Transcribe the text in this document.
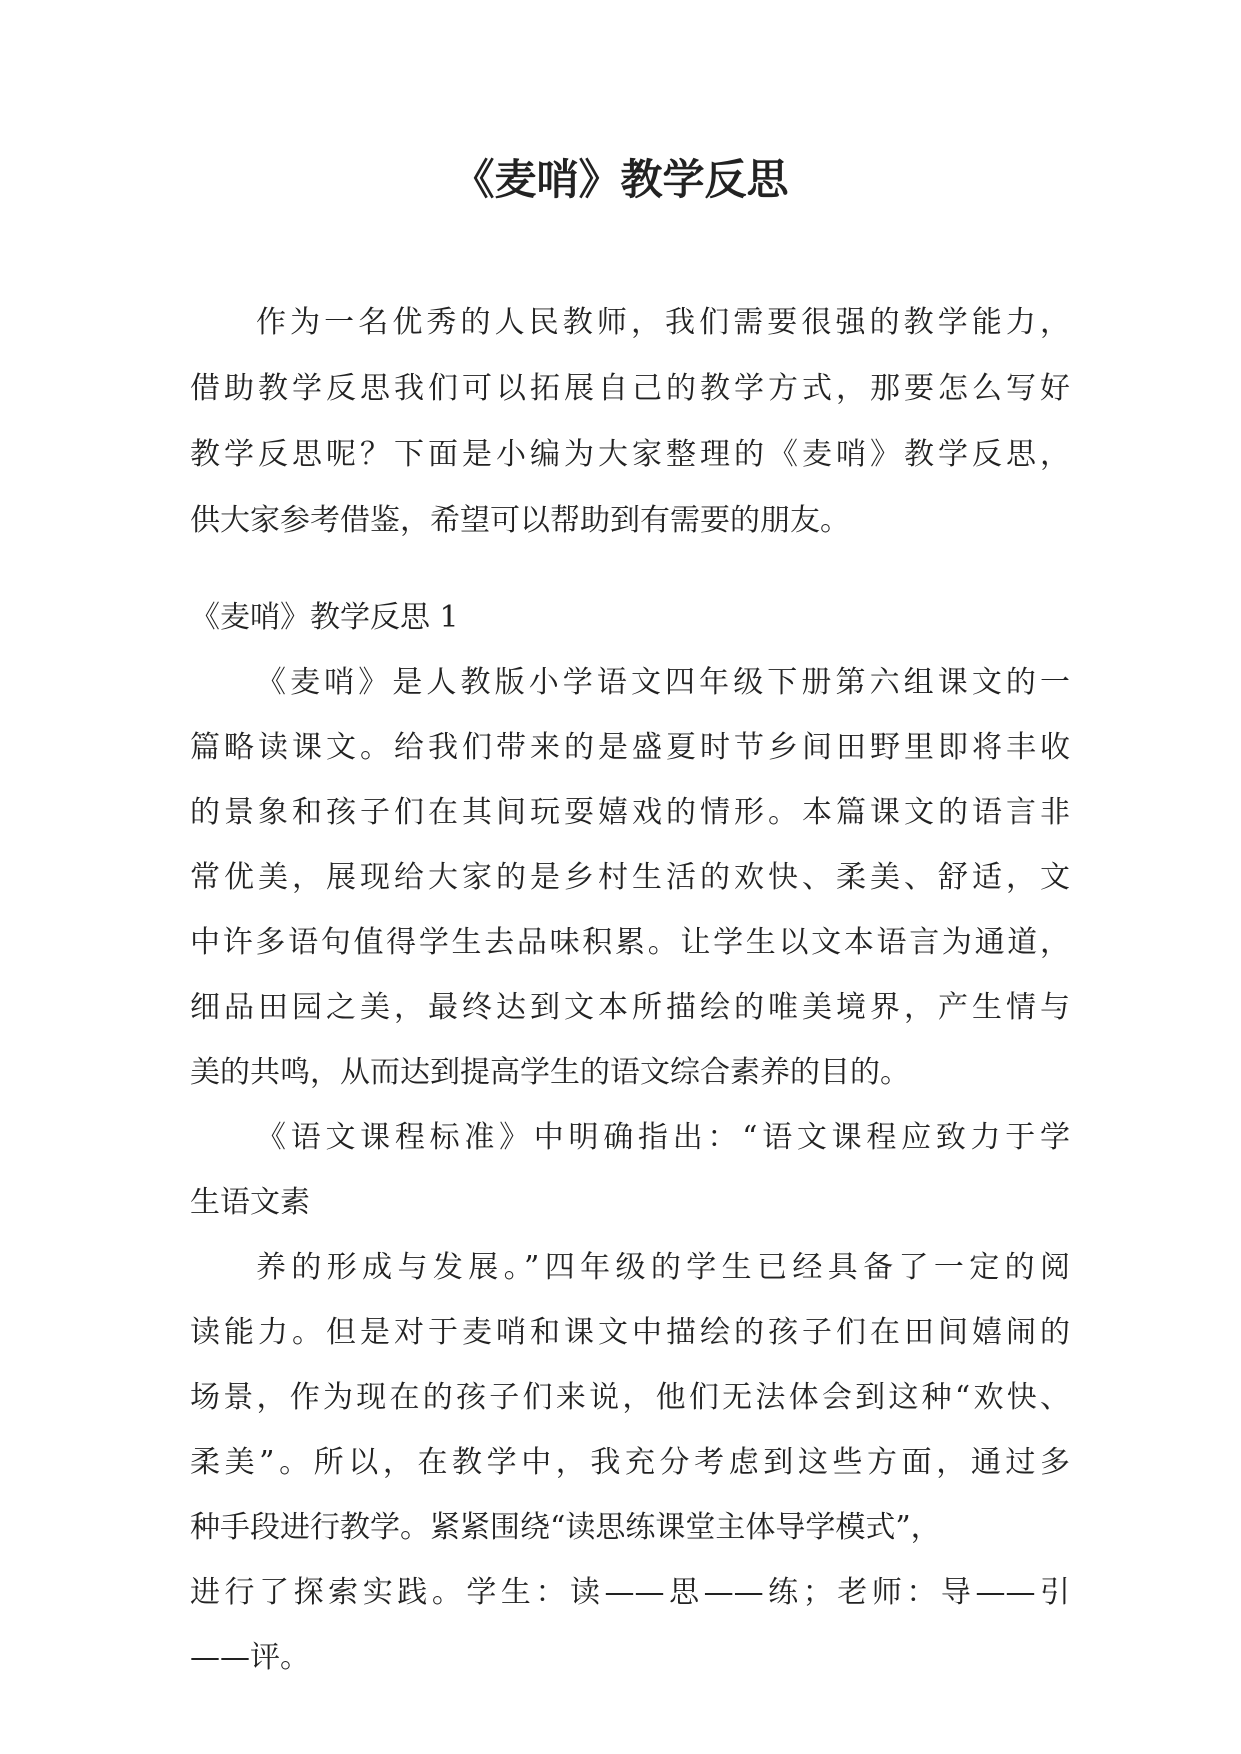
《麦哨》教学反思
作为一名优秀的人民教师，我们需要很强的教学能力，
借助教学反思我们可以拓展自己的教学方式，那要怎么写好
教学反思呢？下面是小编为大家整理的《麦哨》教学反思，
供大家参考借鉴，希望可以帮助到有需要的朋友。
《麦哨》教学反思 1
《麦哨》是人教版小学语文四年级下册第六组课文的一
篇略读课文。给我们带来的是盛夏时节乡间田野里即将丰收
的景象和孩子们在其间玩耍嬉戏的情形。本篇课文的语言非
常优美，展现给大家的是乡村生活的欢快、柔美、舒适，文
中许多语句值得学生去品味积累。让学生以文本语言为通道，
细品田园之美，最终达到文本所描绘的唯美境界，产生情与
美的共鸣，从而达到提高学生的语文综合素养的目的。
《语文课程标准》中明确指出：“语文课程应致力于学
生语文素
养的形成与发展。”四年级的学生已经具备了一定的阅
读能力。但是对于麦哨和课文中描绘的孩子们在田间嬉闹的
场景，作为现在的孩子们来说，他们无法体会到这种“欢快、
柔美”。所以，在教学中，我充分考虑到这些方面，通过多
种手段进行教学。紧紧围绕“读思练课堂主体导学模式”，
进行了探索实践。学生：读——思——练；老师：导——引
——评。
